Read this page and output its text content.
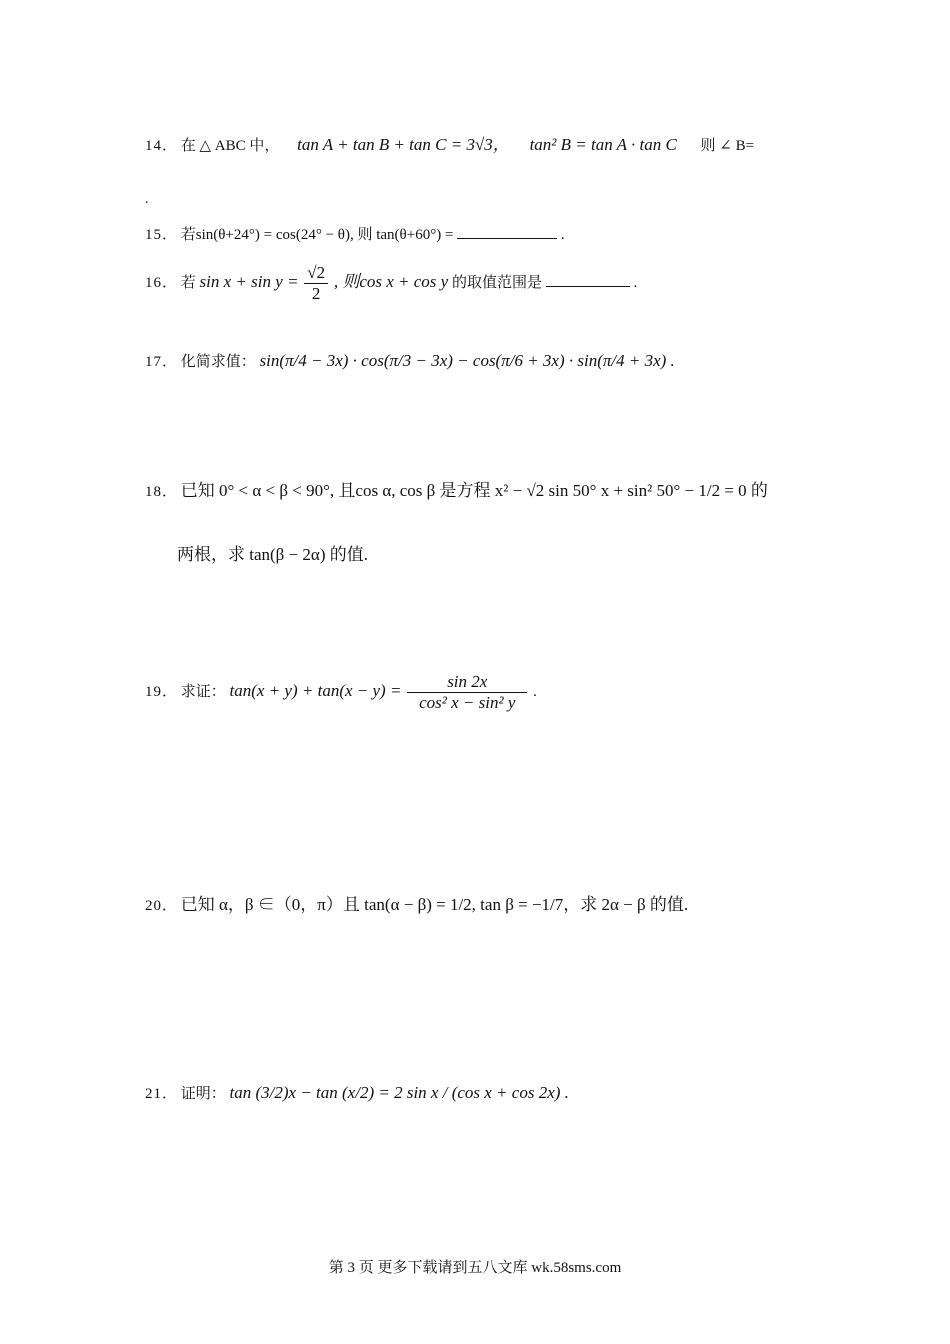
14． 在 △ ABC 中， tan A + tan B + tan C = 3√3， tan² B = tan A · tan C 则 ∠ B=
.
15． 若sin(θ+24°) = cos(24° − θ), 则 tan(θ+60°) =	.
16． 若 $\sin x + \sin y = \frac{√2}{2}$ , 则cos x + cos y 的取值范围是	.
17． 化简求值： sin(π/4 − 3x) · cos(π/3 − 3x) − cos(π/6 + 3x) · sin(π/4 + 3x) .
18． 已知 0° < α < β < 90°, 且cos α, cos β 是方程 x² − √2 sin 50° x + sin² 50° − 1/2 = 0 的
两根，求 tan(β − 2α) 的值.
19． 求证： $\tan(x + y) + \tan(x - y) = \frac{\sin 2x}{\text{cos² x − sin² y}}$ .
20． 已知 α，β ∈（0，π）且 tan(α − β) = 1/2, tan β = −1/7，求 2α − β 的值.
21． 证明： tan (3/2)x − tan (x/2) = 2 sin x / (cos x + cos 2x) .
第 3 页 更多下载请到五八文库 wk.58sms.com
